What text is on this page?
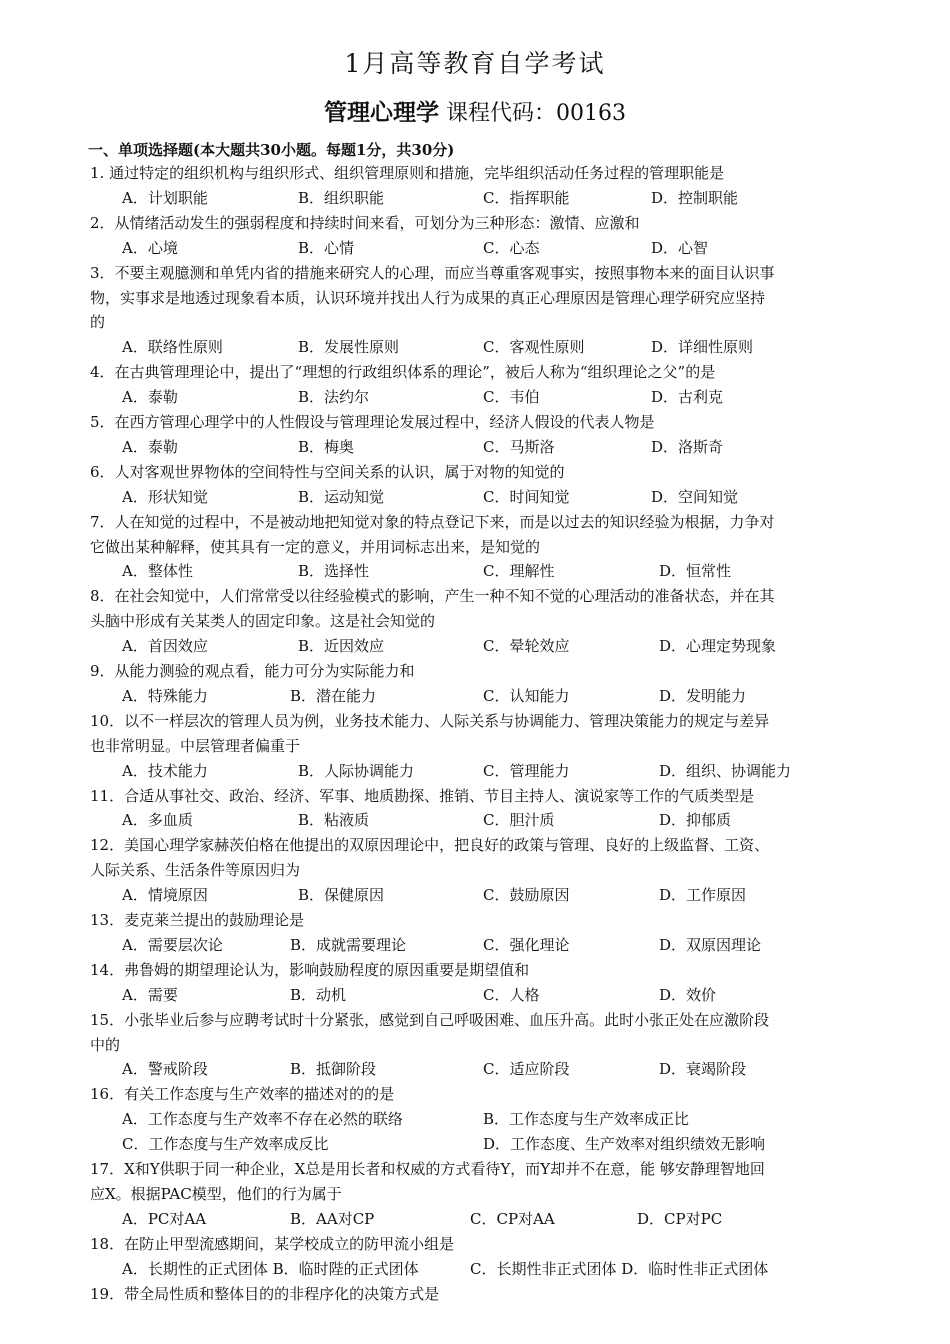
1月高等教育自学考试
管理心理学 课程代码：00163
一、单项选择题(本大题共30小题。每题1分，共30分)
1. 通过特定的组织机构与组织形式、组织管理原则和措施，完毕组织活动任务过程的管理职能是
A．计划职能	B．组织职能	C．指挥职能	D．控制职能
2．从情绪活动发生的强弱程度和持续时间来看，可划分为三种形态：激情、应激和
A．心境	B．心情	C．心态	D．心智
3．不要主观臆测和单凭内省的措施来研究人的心理，而应当尊重客观事实，按照事物本来的面目认识事
物，实事求是地透过现象看本质，认识环境并找出人行为成果的真正心理原因是管理心理学研究应坚持
的
A．联络性原则	B．发展性原则	C．客观性原则	D．详细性原则
4．在古典管理理论中，提出了“理想的行政组织体系的理论”，被后人称为“组织理论之父”的是
A．泰勒	B．法约尔	C．韦伯	D．古利克
5．在西方管理心理学中的人性假设与管理理论发展过程中，经济人假设的代表人物是
A．泰勒	B．梅奥	C．马斯洛	D．洛斯奇
6．人对客观世界物体的空间特性与空间关系的认识，属于对物的知觉的
A．形状知觉	B．运动知觉	C．时间知觉	D．空间知觉
7．人在知觉的过程中，不是被动地把知觉对象的特点登记下来，而是以过去的知识经验为根据，力争对
它做出某种解释，使其具有一定的意义，并用词标志出来，是知觉的
A．整体性	B．选择性	C．理解性	D．恒常性
8．在社会知觉中，人们常常受以往经验模式的影响，产生一种不知不觉的心理活动的准备状态，并在其
头脑中形成有关某类人的固定印象。这是社会知觉的
A．首因效应	B．近因效应	C．晕轮效应	D．心理定势现象
9．从能力测验的观点看，能力可分为实际能力和
A．特殊能力	B．潜在能力	C．认知能力	D．发明能力
10．以不一样层次的管理人员为例，业务技术能力、人际关系与协调能力、管理决策能力的规定与差异
也非常明显。中层管理者偏重于
A．技术能力	B．人际协调能力	C．管理能力	D．组织、协调能力
11．合适从事社交、政治、经济、军事、地质勘探、推销、节目主持人、演说家等工作的气质类型是
A．多血质	B．粘液质	C．胆汁质	D．抑郁质
12．美国心理学家赫茨伯格在他提出的双原因理论中，把良好的政策与管理、良好的上级监督、工资、
人际关系、生活条件等原因归为
A．情境原因	B．保健原因	C．鼓励原因	D．工作原因
13．麦克莱兰提出的鼓励理论是
A．需要层次论	B．成就需要理论	C．强化理论	D．双原因理论
14．弗鲁姆的期望理论认为，影响鼓励程度的原因重要是期望值和
A．需要	B．动机	C．人格	D．效价
15．小张毕业后参与应聘考试时十分紧张，感觉到自己呼吸困难、血压升高。此时小张正处在应激阶段
中的
A．警戒阶段	B．抵御阶段	C．适应阶段	D．衰竭阶段
16．有关工作态度与生产效率的描述对的的是
A．工作态度与生产效率不存在必然的联络	B．工作态度与生产效率成正比
C．工作态度与生产效率成反比	D．工作态度、生产效率对组织绩效无影响
17．X和Y供职于同一种企业，X总是用长者和权威的方式看待Y，而Y却并不在意，能 够安静理智地回
应X。根据PAC模型，他们的行为属于
A．PC对AA	B．AA对CP	C．CP对AA	D．CP对PC
18．在防止甲型流感期间，某学校成立的防甲流小组是
A．长期性的正式团体 B．临时陛的正式团体	C．长期性非正式团体 D．临时性非正式团体
19．带全局性质和整体目的的非程序化的决策方式是
